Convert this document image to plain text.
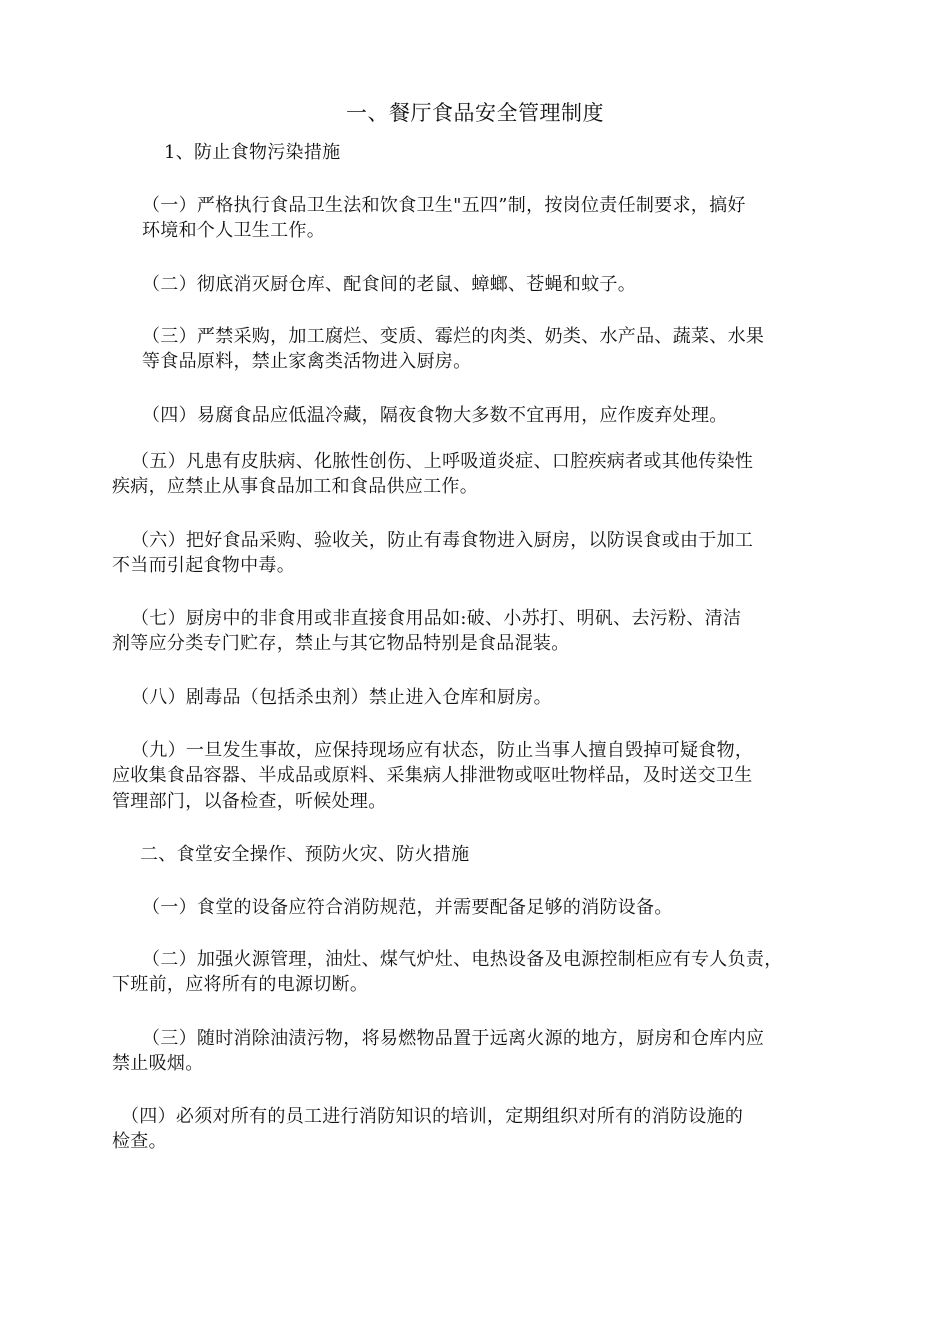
一、餐厅食品安全管理制度
1、防止食物污染措施
（一）严格执行食品卫生法和饮食卫生"五四”制，按岗位责任制要求，搞好
环境和个人卫生工作。
（二）彻底消灭厨仓库、配食间的老鼠、蟑螂、苍蝇和蚊子。
（三）严禁采购，加工腐烂、变质、霉烂的肉类、奶类、水产品、蔬菜、水果
等食品原料，禁止家禽类活物进入厨房。
（四）易腐食品应低温冷藏，隔夜食物大多数不宜再用，应作废弃处理。
（五）凡患有皮肤病、化脓性创伤、上呼吸道炎症、口腔疾病者或其他传染性
疾病，应禁止从事食品加工和食品供应工作。
（六）把好食品采购、验收关，防止有毒食物进入厨房，以防误食或由于加工
不当而引起食物中毒。
（七）厨房中的非食用或非直接食用品如:破、小苏打、明矾、去污粉、清洁
剂等应分类专门贮存，禁止与其它物品特别是食品混装。
（八）剧毒品（包括杀虫剂）禁止进入仓库和厨房。
（九）一旦发生事故，应保持现场应有状态，防止当事人擅自毁掉可疑食物，
应收集食品容器、半成品或原料、采集病人排泄物或呕吐物样品，及时送交卫生
管理部门，以备检查，听候处理。
二、食堂安全操作、预防火灾、防火措施
（一）食堂的设备应符合消防规范，并需要配备足够的消防设备。
（二）加强火源管理，油灶、煤气炉灶、电热设备及电源控制柜应有专人负责，
下班前，应将所有的电源切断。
（三）随时消除油渍污物，将易燃物品置于远离火源的地方，厨房和仓库内应
禁止吸烟。
（四）必须对所有的员工进行消防知识的培训，定期组织对所有的消防设施的
检查。
